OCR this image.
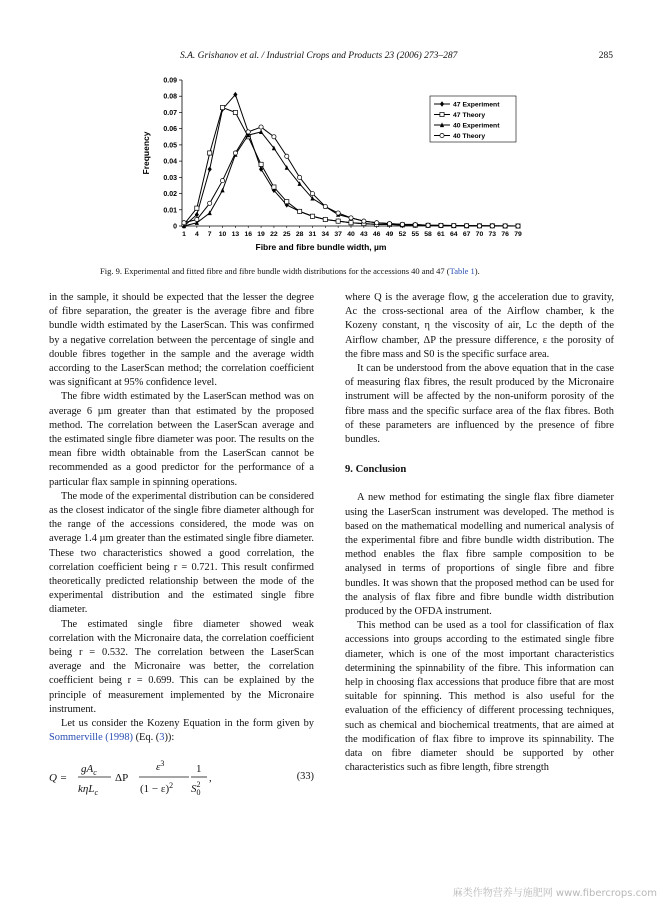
S.A. Grishanov et al. / Industrial Crops and Products 23 (2006) 273–287	285
0
0.01
0.02
0.03
0.04
0.05
0.06
0.07
0.08
0.09
1 4 7 10 13 16 19 22 25 28 31 34 37 40 43 46 49 52 55 58 61 64 67 70 73 76 79
Fibre and fibre bundle width, µm
Frequency
47 Experiment
47 Theory
40 Experiment
40 Theory
Fig. 9. Experimental and fitted fibre and fibre bundle width distributions for the accessions 40 and 47 (Table 1).

in the sample, it should be expected that the lesser the degree of fibre separation, the greater is the average fibre and fibre bundle width estimated by the LaserScan. This was confirmed by a negative correlation between the percentage of single and double fibres together in the sample and the average width according to the LaserScan method; the correlation coefficient was significant at 95% confidence level.

The fibre width estimated by the LaserScan method was on average 6 µm greater than that estimated by the proposed method. The correlation between the LaserScan average and the estimated single fibre diameter was poor. The results on the mean fibre width obtainable from the LaserScan cannot be recommended as a good predictor for the performance of a particular flax sample in spinning operations.

The mode of the experimental distribution can be considered as the closest indicator of the single fibre diameter although for the range of the accessions considered, the mode was on average 1.4 µm greater than the estimated single fibre diameter. These two characteristics showed a good correlation, the correlation coefficient being r = 0.721. This result confirmed theoretically predicted relationship between the mode of the experimental distribution and the estimated single fibre diameter.

The estimated single fibre diameter showed weak correlation with the Micronaire data, the correlation coefficient being r = 0.532. The correlation between the LaserScan average and the Micronaire was better, the correlation coefficient being r = 0.699. This can be explained by the principle of measurement implemented by the Micronaire instrument.

Let us consider the Kozeny Equation in the form given by Sommerville (1998) (Eq. (3)):

Q =
$gA_c$
kηL$_c$
ΔP
$\varepsilon^3$
$(1 - \varepsilon)^2$
1
$S^2$ 0
,	(33)

where Q is the average flow, g the acceleration due to gravity, Ac the cross-sectional area of the Airflow chamber, k the Kozeny constant, η the viscosity of air, Lc the depth of the Airflow chamber, ΔP the pressure difference, ε the porosity of the fibre mass and S0 is the specific surface area.

It can be understood from the above equation that in the case of measuring flax fibres, the result produced by the Micronaire instrument will be affected by the non-uniform porosity of the fibre mass and the specific surface area of the flax fibres. Both of these parameters are influenced by the presence of fibre bundles.

9. Conclusion

A new method for estimating the single flax fibre diameter using the LaserScan instrument was developed. The method is based on the mathematical modelling and numerical analysis of the experimental fibre and fibre bundle width distribution. The method enables the flax fibre sample composition to be analysed in terms of proportions of single fibre and fibre bundles. It was shown that the proposed method can be used for the analysis of flax fibre and fibre bundle width distribution produced by the OFDA instrument.

This method can be used as a tool for classification of flax accessions into groups according to the estimated single fibre diameter, which is one of the most important characteristics determining the spinnability of the fibre. This information can help in choosing flax accessions that produce fibre that are most suitable for spinning. This method is also useful for the evaluation of the efficiency of different processing techniques, such as chemical and biochemical treatments, that are aimed at the modification of flax fibre to improve its spinnability. The data on fibre diameter should be supported by other characteristics such as fibre length, fibre strength

麻类作物营养与施肥网 www.fibercrops.com
